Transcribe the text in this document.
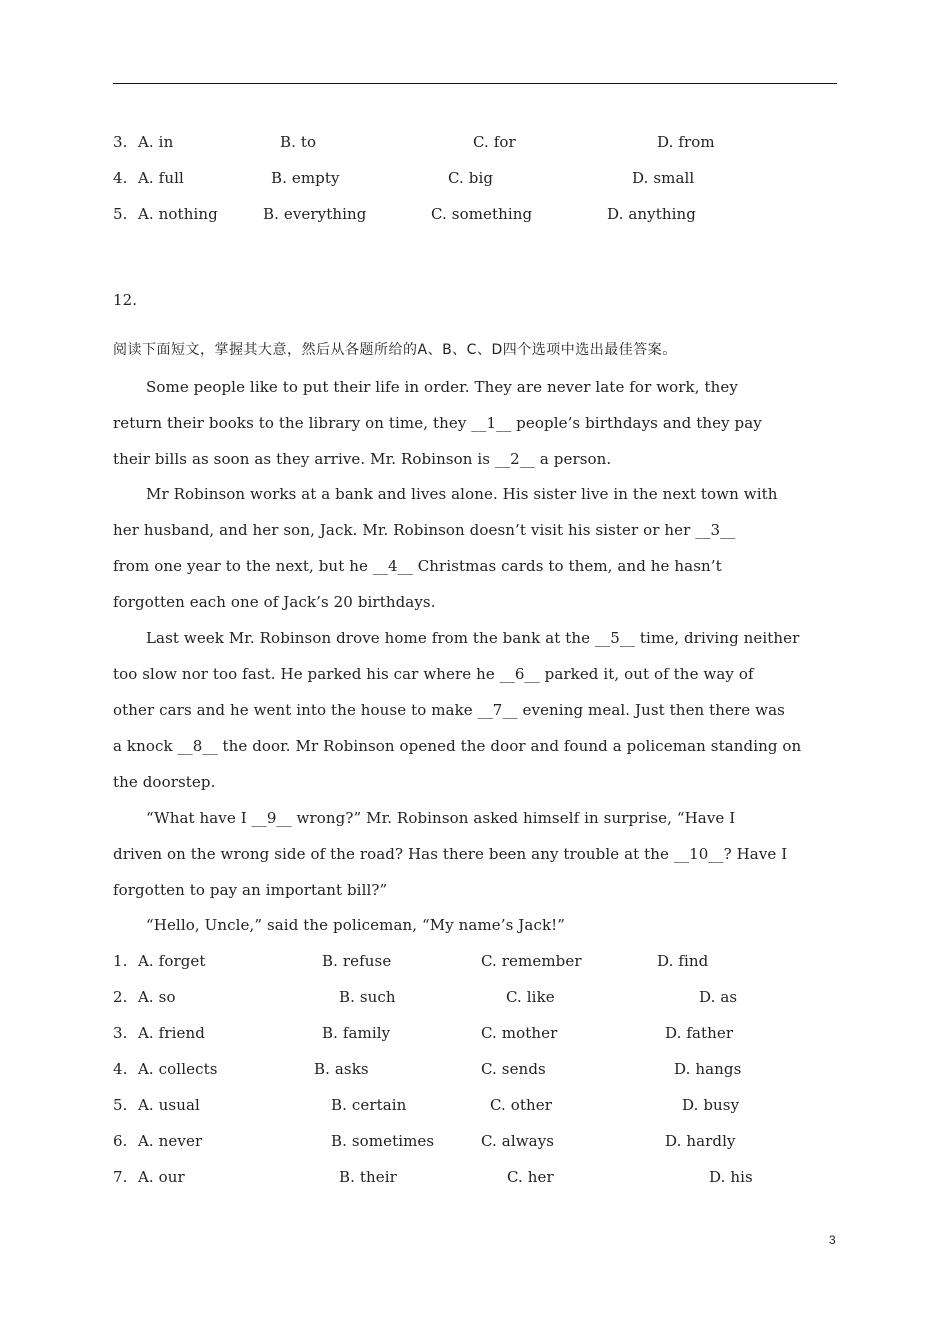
3. A. in	B. to	C. for	D. from
4. A. full	B. empty	C. big	D. small
5. A. nothing	B. everything	C. something	D. anything
12.
阅读下面短文，掌握其大意，然后从各题所给的A、B、C、D四个选项中选出最佳答案。
Some people like to put their life in order. They are never late for work, they
return their books to the library on time, they __1__ people’s birthdays and they pay
their bills as soon as they arrive. Mr. Robinson is __2__ a person.
Mr Robinson works at a bank and lives alone. His sister live in the next town with
her husband, and her son, Jack. Mr. Robinson doesn’t visit his sister or her __3__
from one year to the next, but he __4__ Christmas cards to them, and he hasn’t
forgotten each one of Jack’s 20 birthdays.
Last week Mr. Robinson drove home from the bank at the __5__ time, driving neither
too slow nor too fast. He parked his car where he __6__ parked it, out of the way of
other cars and he went into the house to make __7__ evening meal. Just then there was
a knock __8__ the door. Mr Robinson opened the door and found a policeman standing on
the doorstep.
“What have I __9__ wrong?” Mr. Robinson asked himself in surprise, “Have I
driven on the wrong side of the road? Has there been any trouble at the __10__? Have I
forgotten to pay an important bill?”
“Hello, Uncle,” said the policeman, “My name’s Jack!”
1. A. forget	B. refuse	C. remember	D. find
2. A. so	B. such	C. like	D. as
3. A. friend	B. family	C. mother	D. father
4. A. collects	B. asks	C. sends	D. hangs
5. A. usual	B. certain	C. other	D. busy
6. A. never	B. sometimes	C. always	D. hardly
7. A. our	B. their	C. her	D. his
3
